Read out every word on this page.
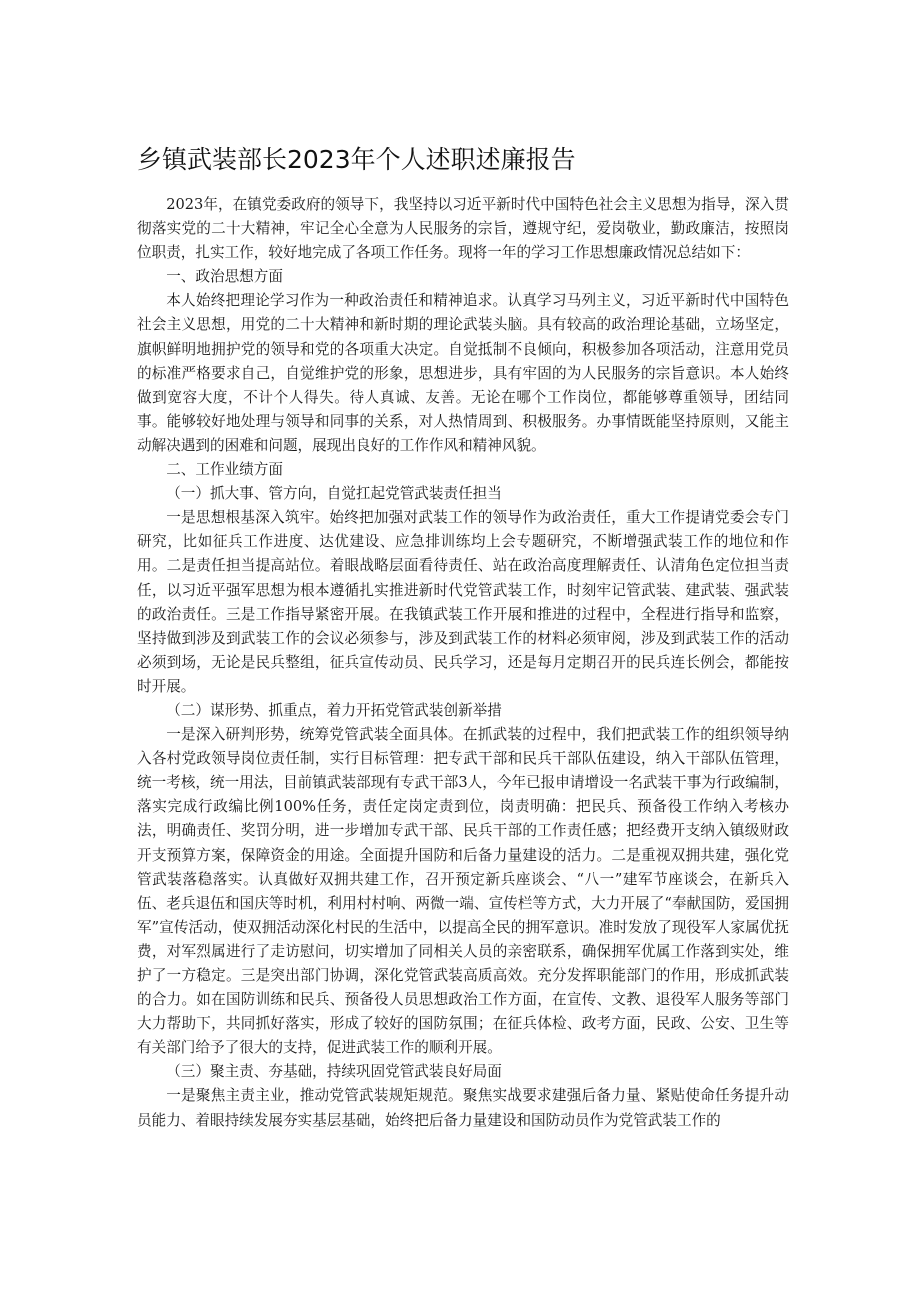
乡镇武装部长2023年个人述职述廉报告

2023年，在镇党委政府的领导下，我坚持以习近平新时代中国特色社会主义思想为指导，深入贯彻落实党的二十大精神，牢记全心全意为人民服务的宗旨，遵规守纪，爱岗敬业，勤政廉洁，按照岗位职责，扎实工作，较好地完成了各项工作任务。现将一年的学习工作思想廉政情况总结如下：

一、政治思想方面

本人始终把理论学习作为一种政治责任和精神追求。认真学习马列主义，习近平新时代中国特色社会主义思想，用党的二十大精神和新时期的理论武装头脑。具有较高的政治理论基础，立场坚定，旗帜鲜明地拥护党的领导和党的各项重大决定。自觉抵制不良倾向，积极参加各项活动，注意用党员的标准严格要求自己，自觉维护党的形象，思想进步，具有牢固的为人民服务的宗旨意识。本人始终做到宽容大度，不计个人得失。待人真诚、友善。无论在哪个工作岗位，都能够尊重领导，团结同事。能够较好地处理与领导和同事的关系，对人热情周到、积极服务。办事情既能坚持原则，又能主动解决遇到的困难和问题，展现出良好的工作作风和精神风貌。

二、工作业绩方面

（一）抓大事、管方向，自觉扛起党管武装责任担当

一是思想根基深入筑牢。始终把加强对武装工作的领导作为政治责任，重大工作提请党委会专门研究，比如征兵工作进度、达优建设、应急排训练均上会专题研究，不断增强武装工作的地位和作用。二是责任担当提高站位。着眼战略层面看待责任、站在政治高度理解责任、认清角色定位担当责任，以习近平强军思想为根本遵循扎实推进新时代党管武装工作，时刻牢记管武装、建武装、强武装的政治责任。三是工作指导紧密开展。在我镇武装工作开展和推进的过程中，全程进行指导和监察，坚持做到涉及到武装工作的会议必须参与，涉及到武装工作的材料必须审阅，涉及到武装工作的活动必须到场，无论是民兵整组，征兵宣传动员、民兵学习，还是每月定期召开的民兵连长例会，都能按时开展。

（二）谋形势、抓重点，着力开拓党管武装创新举措

一是深入研判形势，统筹党管武装全面具体。在抓武装的过程中，我们把武装工作的组织领导纳入各村党政领导岗位责任制，实行目标管理：把专武干部和民兵干部队伍建设，纳入干部队伍管理，统一考核，统一用法，目前镇武装部现有专武干部3人，今年已报申请增设一名武装干事为行政编制，落实完成行政编比例100%任务，责任定岗定责到位，岗责明确：把民兵、预备役工作纳入考核办法，明确责任、奖罚分明，进一步增加专武干部、民兵干部的工作责任感；把经费开支纳入镇级财政开支预算方案，保障资金的用途。全面提升国防和后备力量建设的活力。二是重视双拥共建，强化党管武装落稳落实。认真做好双拥共建工作，召开预定新兵座谈会、“八一”建军节座谈会，在新兵入伍、老兵退伍和国庆等时机，利用村村响、两微一端、宣传栏等方式，大力开展了“奉献国防，爱国拥军”宣传活动，使双拥活动深化村民的生活中，以提高全民的拥军意识。准时发放了现役军人家属优抚费，对军烈属进行了走访慰问，切实增加了同相关人员的亲密联系，确保拥军优属工作落到实处，维护了一方稳定。三是突出部门协调，深化党管武装高质高效。充分发挥职能部门的作用，形成抓武装的合力。如在国防训练和民兵、预备役人员思想政治工作方面，在宣传、文教、退役军人服务等部门大力帮助下，共同抓好落实，形成了较好的国防氛围；在征兵体检、政考方面，民政、公安、卫生等有关部门给予了很大的支持，促进武装工作的顺利开展。

（三）聚主责、夯基础，持续巩固党管武装良好局面

一是聚焦主责主业，推动党管武装规矩规范。聚焦实战要求建强后备力量、紧贴使命任务提升动员能力、着眼持续发展夯实基层基础，始终把后备力量建设和国防动员作为党管武装工作的
